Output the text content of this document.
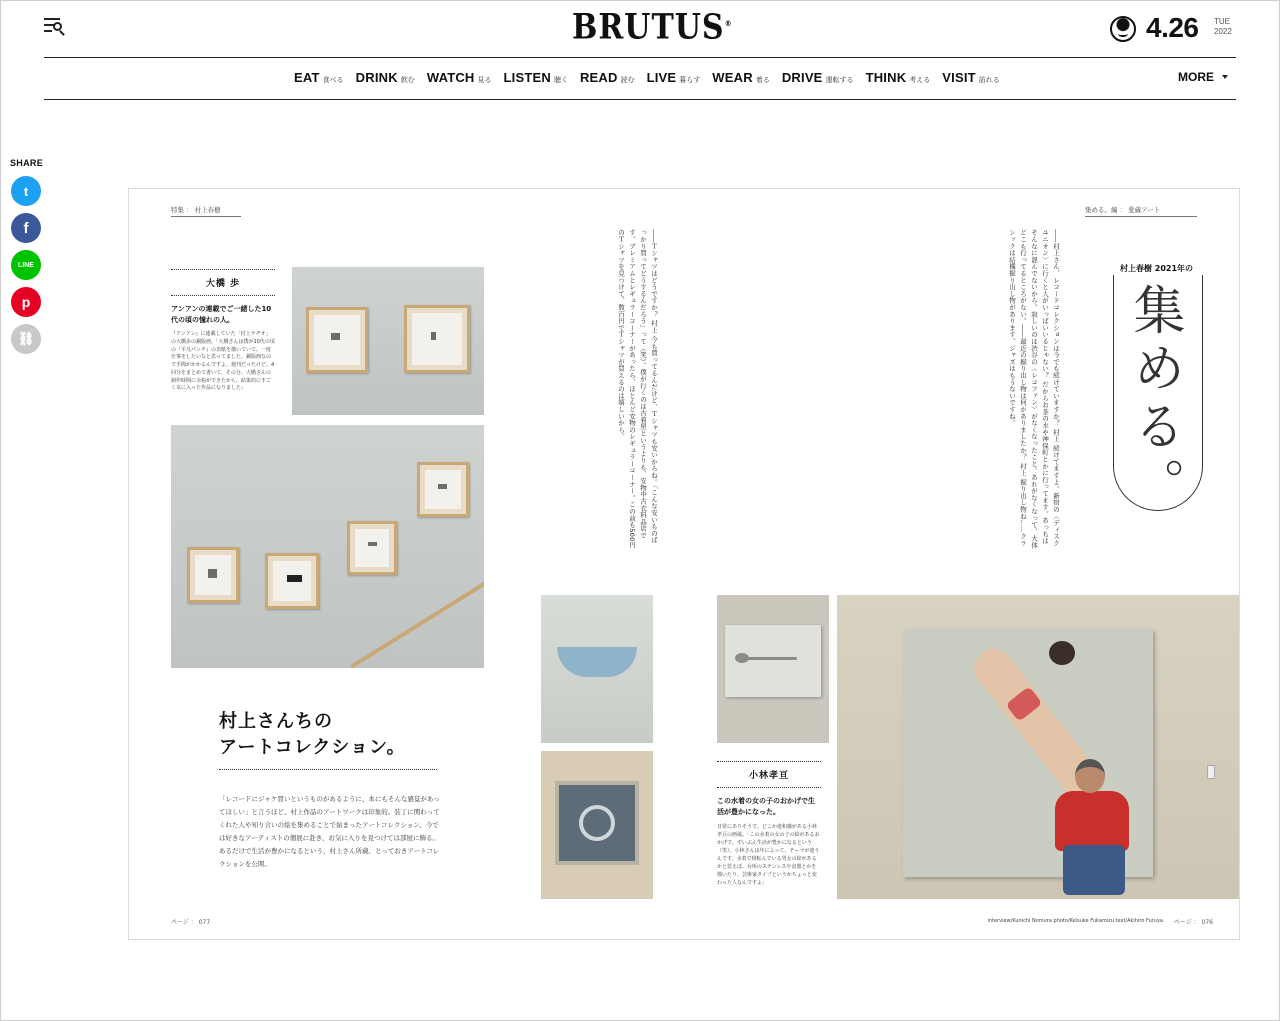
BRUTUS®	4.26 TUE
2022
EAT 食べる DRINK 飲む WATCH 見る LISTEN 聴く READ 読む LIVE 暮らす WEAR 着る DRIVE 運転する THINK 考える VISIT 訪れる	MORE
SHARE
t
f
LINE
p
⛓
特集 ： 村上春樹
大橋 歩
アンアンの連載でご一緒した10代の頃の憧れの人。
『アンアン』に連載していた「村上ラヂオ」の大橋歩の銅版画。「大橋さんは僕が10代の頃の『平凡パンチ』の表紙を描いていて、一度仕事をしたいなと思ってました。銅版画なので手間がかかるんですよ。週刊だったけど、4回分をまとめて書いて、その分、大橋さんの制作時間に余裕ができたから、結果的にすごく気に入った作品になりました」	――Ｔシャツはどうですか？ 村上 今も買ってるんだけど、Ｔシャツも安いからね。「こんな安いものばっかり買ってどうするんだろう」って（笑）。僕が行くのは古着屋というよりも、安物中古衣料品店です。プレミアムとレギュラーコーナーがあったら、ほとんど安物のレギュラーコーナー。この前も500円のＴシャツを見つけて、数百円でＴシャツが買えるのは嬉しいから。
村上さんちの
アートコレクション。
「レコードにジャケ買いというものがあるように、本にもそんな感覚があってほしい」と言うほど、村上作品のアートワークは印象的。装丁に関わってくれた人や知り合いの絵を集めることで始まったアートコレクション。今では好きなアーティストの個展に赴き、お気に入りを見つけては部屋に飾る。あるだけで生活が豊かになるという、村上さん所蔵、とっておきアートコレクションを公開。
ページ ： 077
集める。編 ： 愛蔵アート
――村上さん、レコードコレクションは今でも続けていますか？ 村上 続けてますよ。新宿の〈ディスクユニオン〉に行くと人がいっぱいいるじゃない？ だからお茶の水や神保町とかに行ってます。あっちはそんなに混んでないから。寂しいのは渋谷の〈レコファン〉がなくなったこと。あれがなくなって、大体どこも行ってるところがない。――最近の掘り出し物は何かありましたか？ 村上 掘り出し物ね……クラシックは結構掘り出し物があります。ジャズはもうないですね。	村上春樹 2021年の
集める。
小林孝亘
この水着の女の子のおかげで生活が豊かになった。
日常にありそうで、どこか違和感がある小林孝亘の画風。「この水着の女の子の絵があるおかげで、ずいぶん生活が豊かになるという（笑）。小林さんは年によって、テーマが違うんです。水着で寝転んでいる男女の絵があるかと思えば、台所のステンレスや食器とかを描いたり。芸術家タイプというかちょっと変わった人なんですよ」
interview/Kunichi Nomura photo/Keisuke Fukamizu text/Akihiro Furuya ページ ： 076
